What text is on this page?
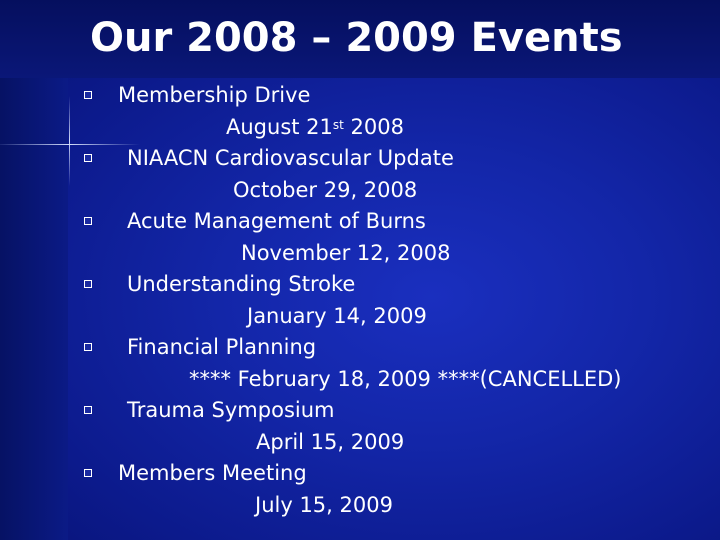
Our 2008 – 2009 Events
Membership Drive
August 21st 2008
NIAACN Cardiovascular Update
October 29, 2008
Acute Management of Burns
November 12, 2008
Understanding Stroke
January 14, 2009
Financial Planning
**** February 18, 2009 ****(CANCELLED)
Trauma Symposium
April 15, 2009
Members Meeting
July 15, 2009
